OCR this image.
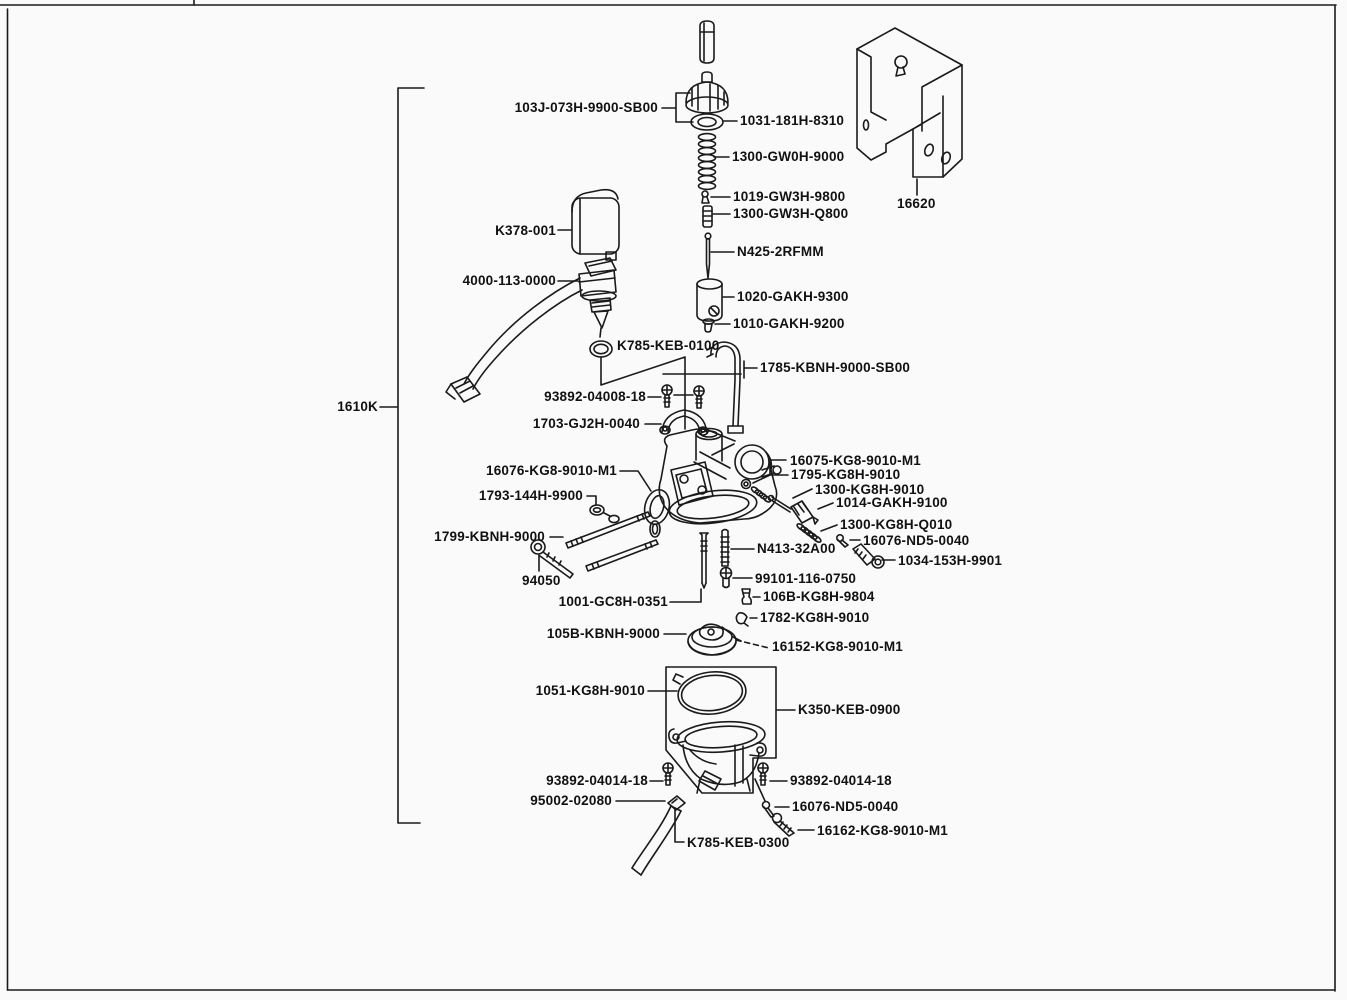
103J-073H-9900-SB00
1031-181H-8310
1300-GW0H-9000
1019-GW3H-9800
1300-GW3H-Q800
N425-2RFMM
1020-GAKH-9300
1010-GAKH-9200
K378-001
4000-113-0000
K785-KEB-0100
1785-KBNH-9000-SB00
93892-04008-18
1703-GJ2H-0040
16620
1610K
16076-KG8-9010-M1
1793-144H-9900
1799-KBNH-9000
94050
1001-GC8H-0351
16075-KG8-9010-M1
1795-KG8H-9010
1300-KG8H-9010
1014-GAKH-9100
1300-KG8H-Q010
16076-ND5-0040
1034-153H-9901
N413-32A00
99101-116-0750
106B-KG8H-9804
1782-KG8H-9010
105B-KBNH-9000
16152-KG8-9010-M1
1051-KG8H-9010
K350-KEB-0900
93892-04014-18	93892-04014-18
95002-02080
K785-KEB-0300
16076-ND5-0040
16162-KG8-9010-M1
